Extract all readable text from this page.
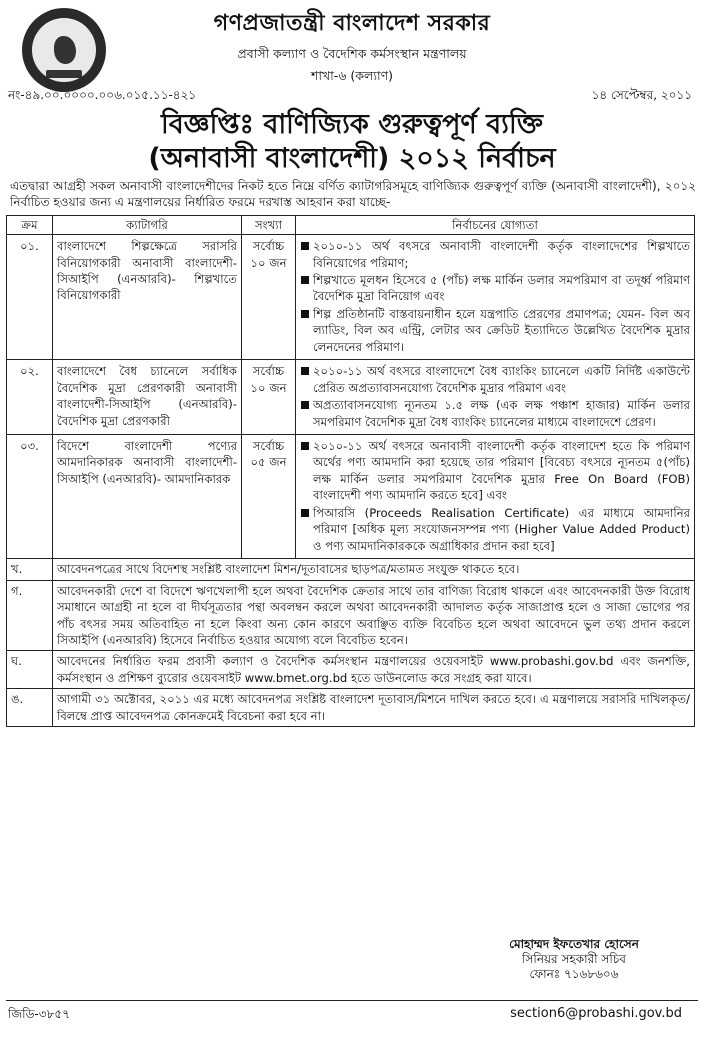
গণপ্রজাতন্ত্রী বাংলাদেশ সরকার
প্রবাসী কল্যাণ ও বৈদেশিক কর্মসংস্থান মন্ত্রণালয়
শাখা-৬ (কল্যাণ)
নং-৪৯.০০.০০০০.০০৬.০১৫.১১-৪২১	১৪ সেপ্টেম্বর, ২০১১
বিজ্ঞপ্তিঃ বাণিজ্যিক গুরুত্বপূর্ণ ব্যক্তি
(অনাবাসী বাংলাদেশী) ২০১২ নির্বাচন

এতদ্বারা আগ্রহী সকল অনাবাসী বাংলাদেশীদের নিকট হতে নিম্নে বর্ণিত ক্যাটাগরিসমূহে বাণিজ্যিক গুরুত্বপূর্ণ ব্যক্তি (অনাবাসী বাংলাদেশী), ২০১২ নির্বাচিত হওয়ার জন্য এ মন্ত্রণালয়ের নির্ধারিত ফরমে দরখাস্ত আহবান করা যাচ্ছে-

ক্রম	ক্যাটাগরি	সংখ্যা	নির্বাচনের যোগ্যতা
০১.	বাংলাদেশে শিল্পক্ষেত্রে সরাসরি বিনিয়োগকারী অনাবাসী বাংলাদেশী-সিআইপি (এনআরবি)- শিল্পখাতে বিনিয়োগকারী	সর্বোচ্চ ১০ জন	২০১০-১১ অর্থ বৎসরে অনাবাসী বাংলাদেশী কর্তৃক বাংলাদেশের শিল্পখাতে বিনিয়োগের পরিমাণ;
শিল্পখাতে মূলধন হিসেবে ৫ (পাঁচ) লক্ষ মার্কিন ডলার সমপরিমাণ বা তদূর্ধ্ব পরিমাণ বৈদেশিক মুদ্রা বিনিয়োগ এবং
শিল্প প্রতিষ্ঠানটি বাস্তবায়নাধীন হলে যন্ত্রপাতি প্রেরণের প্রমাণপত্র; যেমন- বিল অব ল্যাডিং, বিল অব এন্ট্রি, লেটার অব ক্রেডিট ইত্যাদিতে উল্লেখিত বৈদেশিক মুদ্রার লেনদেনের পরিমাণ।

০২.	বাংলাদেশে বৈধ চ্যানেলে সর্বাধিক বৈদেশিক মুদ্রা প্রেরণকারী অনাবাসী বাংলাদেশী-সিআইপি (এনআরবি)- বৈদেশিক মুদ্রা প্রেরণকারী	সর্বোচ্চ ১০ জন	২০১০-১১ অর্থ বৎসরে বাংলাদেশে বৈধ ব্যাংকিং চ্যানেলে একটি নির্দিষ্ট একাউন্টে প্রেরিত অপ্রত্যাবাসনযোগ্য বৈদেশিক মুদ্রার পরিমাণ এবং
অপ্রত্যাবাসনযোগ্য ন্যূনতম ১.৫ লক্ষ (এক লক্ষ পঞ্চাশ হাজার) মার্কিন ডলার সমপরিমাণ বৈদেশিক মুদ্রা বৈধ ব্যাংকিং চ্যানেলের মাধ্যমে বাংলাদেশে প্রেরণ।

০৩.	বিদেশে বাংলাদেশী পণ্যের আমদানিকারক অনাবাসী বাংলাদেশী-সিআইপি (এনআরবি)- আমদানিকারক	সর্বোচ্চ ০৫ জন	২০১০-১১ অর্থ বৎসরে অনাবাসী বাংলাদেশী কর্তৃক বাংলাদেশ হতে কি পরিমাণ অর্থের পণ্য আমদানি করা হয়েছে তার পরিমাণ [বিবেচ্য বৎসরে ন্যূনতম ৫(পাঁচ) লক্ষ মার্কিন ডলার সমপরিমাণ বৈদেশিক মুদ্রার Free On Board (FOB) বাংলাদেশী পণ্য আমদানি করতে হবে] এবং
পিআরসি (Proceeds Realisation Certificate) এর মাধ্যমে আমদানির পরিমাণ [অধিক মূল্য সংযোজনসম্পন্ন পণ্য (Higher Value Added Product) ও পণ্য আমদানিকারককে অগ্রাধিকার প্রদান করা হবে]
খ.	আবেদনপত্রের সাথে বিদেশস্থ সংশ্লিষ্ট বাংলাদেশ মিশন/দূতাবাসের ছাড়পত্র/মতামত সংযুক্ত থাকতে হবে।
গ.	আবেদনকারী দেশে বা বিদেশে ঋণখেলাপী হলে অথবা বৈদেশিক ক্রেতার সাথে তার বাণিজ্য বিরোধ থাকলে এবং আবেদনকারী উক্ত বিরোধ সমাধানে আগ্রহী না হলে বা দীর্ঘসূত্রতার পন্থা অবলম্বন করলে অথবা আবেদনকারী আদালত কর্তৃক সাজাপ্রাপ্ত হলে ও সাজা ভোগের পর পাঁচ বৎসর সময় অতিবাহিত না হলে কিংবা অন্য কোন কারণে অবাঞ্ছিত ব্যক্তি বিবেচিত হলে অথবা আবেদনে ভুল তথ্য প্রদান করলে সিআইপি (এনআরবি) হিসেবে নির্বাচিত হওয়ার অযোগ্য বলে বিবেচিত হবেন।
ঘ.	আবেদনের নির্ধারিত ফরম প্রবাসী কল্যাণ ও বৈদেশিক কর্মসংস্থান মন্ত্রণালয়ের ওয়েবসাইট www.probashi.gov.bd এবং জনশক্তি, কর্মসংস্থান ও প্রশিক্ষণ ব্যুরোর ওয়েবসাইট www.bmet.org.bd হতে ডাউনলোড করে সংগ্রহ করা যাবে।
ঙ.	আগামী ৩১ অক্টোবর, ২০১১ এর মধ্যে আবেদনপত্র সংশ্লিষ্ট বাংলাদেশ দূতাবাস/মিশনে দাখিল করতে হবে। এ মন্ত্রণালয়ে সরাসরি দাখিলকৃত/বিলম্বে প্রাপ্ত আবেদনপত্র কোনক্রমেই বিবেচনা করা হবে না।
মোহাম্মদ ইফতেখার হোসেন
সিনিয়র সহকারী সচিব
ফোনঃ ৭১৬৮৬০৬
জিডি-৩৮৫৭	section6@probashi.gov.bd
